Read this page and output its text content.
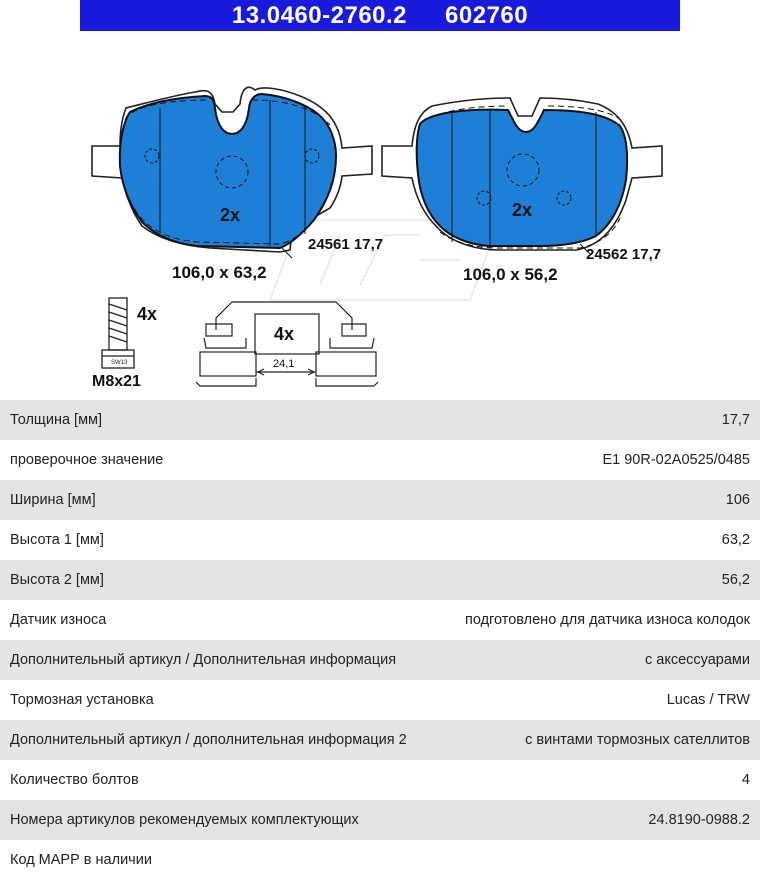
13.0460-2760.2 602760
2x
24561 17,7
106,0 x 63,2
2x
24562 17,7
106,0 x 56,2
SW13
4x
M8x21
4x
24,1
Толщина [мм]	17,7
проверочное значение	E1 90R-02A0525/0485
Ширина [мм]	106
Высота 1 [мм]	63,2
Высота 2 [мм]	56,2
Датчик износа	подготовлено для датчика износа колодок
Дополнительный артикул / Дополнительная информация	с аксессуарами
Тормозная установка	Lucas / TRW
Дополнительный артикул / дополнительная информация 2	с винтами тормозных сателлитов
Количество болтов	4
Номера артикулов рекомендуемых комплектующих	24.8190-0988.2
Код МАРР в наличии
